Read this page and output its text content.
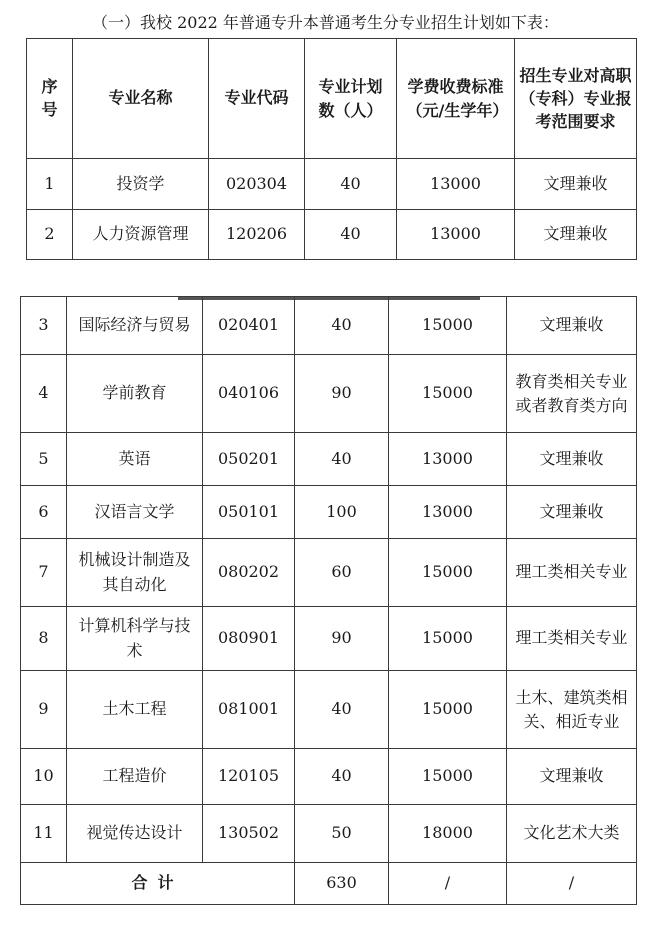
（一）我校 2022 年普通专升本普通考生分专业招生计划如下表：
序号	专业名称	专业代码	专业计划数（人）	学费收费标准（元/生学年）	招生专业对高职（专科）专业报考范围要求

1	投资学	020304	40	13000	文理兼收
2	人力资源管理	120206	40	13000	文理兼收
3	国际经济与贸易	020401	40	15000	文理兼收
4	学前教育	040106	90	15000	教育类相关专业或者教育类方向

5	英语	050201	40	13000	文理兼收
6	汉语言文学	050101	100	13000	文理兼收
7	机械设计制造及其自动化	080202	60	15000	理工类相关专业

8	计算机科学与技术	080901	90	15000	理工类相关专业

9	土木工程	081001	40	15000	土木、建筑类相关、相近专业

10	工程造价	120105	40	15000	文理兼收
11	视觉传达设计	130502	50	18000	文化艺术大类
合计			630	/	/
